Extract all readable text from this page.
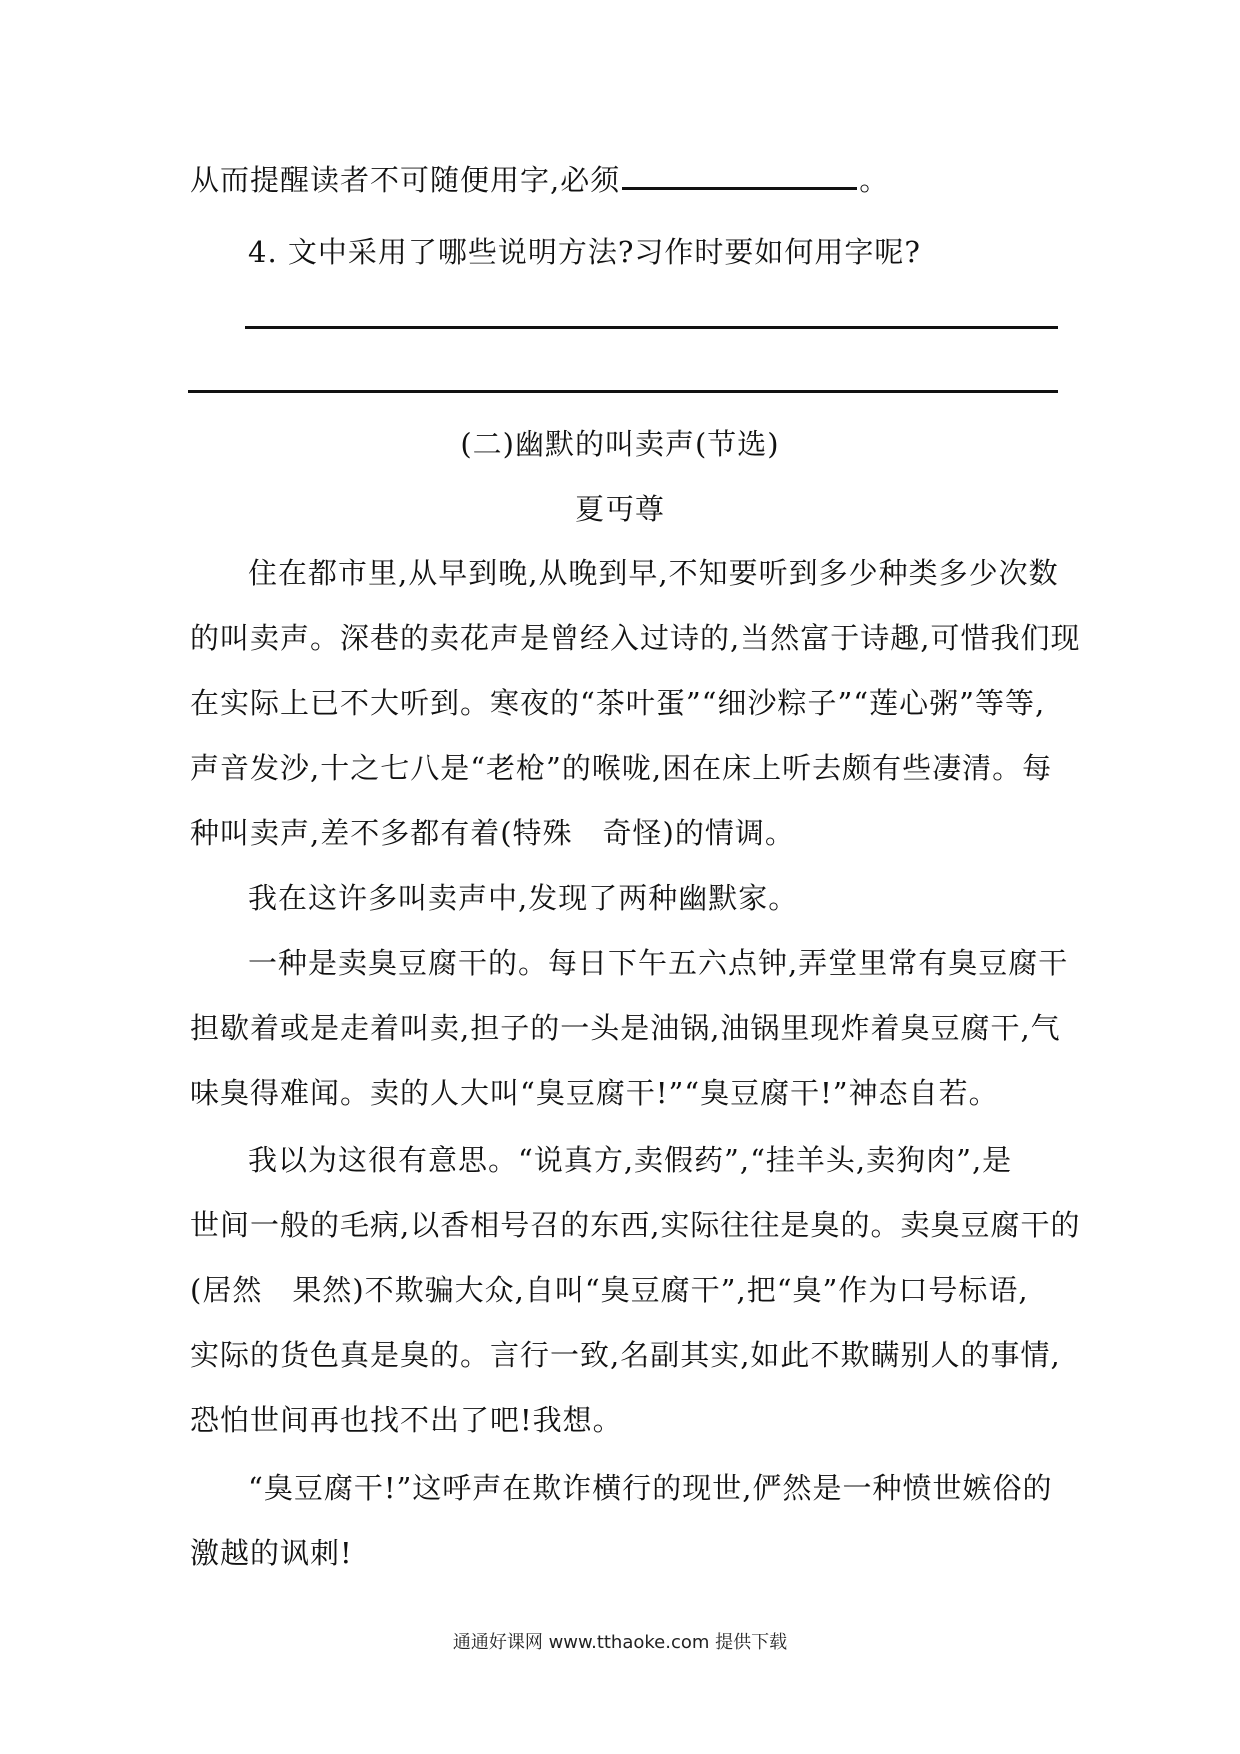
从而提醒读者不可随便用字,必须	。
4. 文中采用了哪些说明方法?习作时要如何用字呢?
(二)幽默的叫卖声(节选)
夏丏尊
住在都市里,从早到晚,从晚到早,不知要听到多少种类多少次数
的叫卖声。深巷的卖花声是曾经入过诗的,当然富于诗趣,可惜我们现
在实际上已不大听到。寒夜的“茶叶蛋”“细沙粽子”“莲心粥”等等,
声音发沙,十之七八是“老枪”的喉咙,困在床上听去颇有些凄清。每
种叫卖声,差不多都有着(特殊　奇怪)的情调。
我在这许多叫卖声中,发现了两种幽默家。
一种是卖臭豆腐干的。每日下午五六点钟,弄堂里常有臭豆腐干
担歇着或是走着叫卖,担子的一头是油锅,油锅里现炸着臭豆腐干,气
味臭得难闻。卖的人大叫“臭豆腐干!”“臭豆腐干!”神态自若。
我以为这很有意思。“说真方,卖假药”,“挂羊头,卖狗肉”,是
世间一般的毛病,以香相号召的东西,实际往往是臭的。卖臭豆腐干的
(居然　果然)不欺骗大众,自叫“臭豆腐干”,把“臭”作为口号标语,
实际的货色真是臭的。言行一致,名副其实,如此不欺瞒别人的事情,
恐怕世间再也找不出了吧!我想。
“臭豆腐干!”这呼声在欺诈横行的现世,俨然是一种愤世嫉俗的
激越的讽刺!
通通好课网 www.tthaoke.com 提供下载
